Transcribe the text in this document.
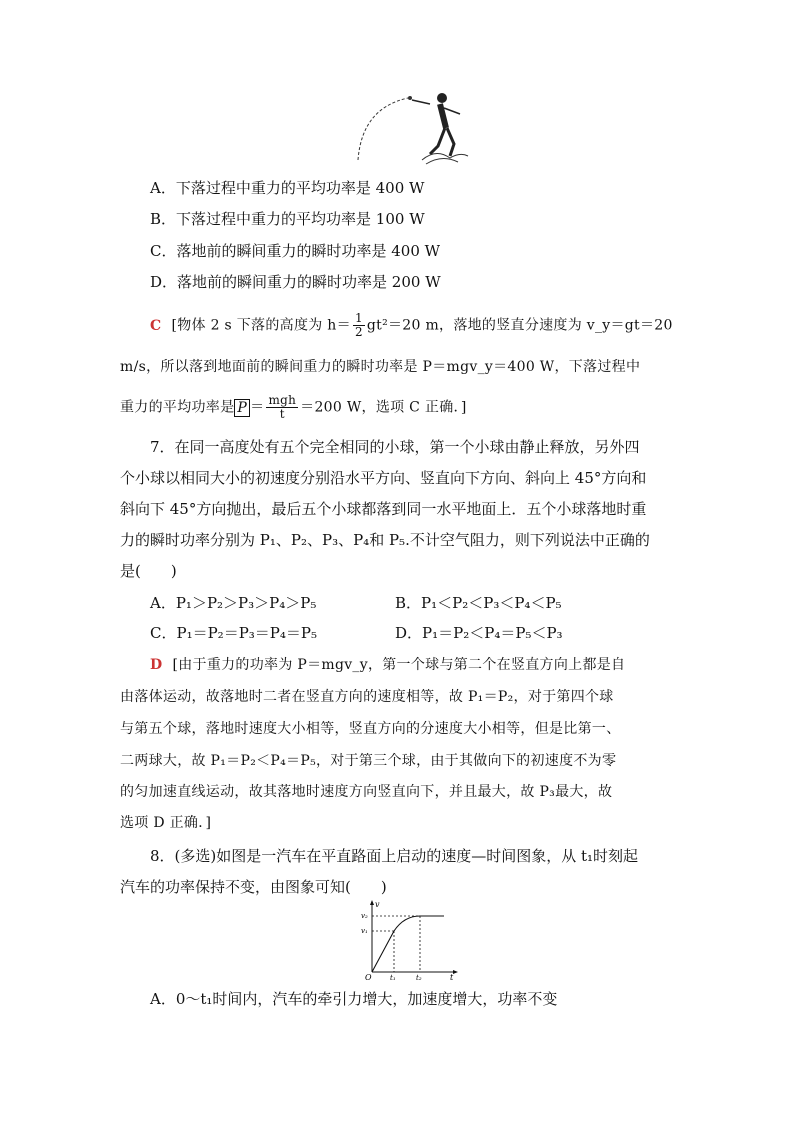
A．下落过程中重力的平均功率是 400 W
B．下落过程中重力的平均功率是 100 W
C．落地前的瞬间重力的瞬时功率是 400 W
D．落地前的瞬间重力的瞬时功率是 200 W
C [物体 2 s 下落的高度为 $h= \frac{1}{2} gt^2=20$ m，落地的竖直分速度为 v_y＝gt＝20
m/s，所以落到地面前的瞬间重力的瞬时功率是 P＝mgv_y＝400 W，下落过程中
重力的平均功率是 $P = \frac{\text{mgh}}{t} =200$ W，选项 C 正确．]
7．在同一高度处有五个完全相同的小球，第一个小球由静止释放，另外四
个小球以相同大小的初速度分别沿水平方向、竖直向下方向、斜向上 45°方向和
斜向下 45°方向抛出，最后五个小球都落到同一水平地面上．五个小球落地时重
力的瞬时功率分别为 P₁、P₂、P₃、P₄和 P₅.不计空气阻力，则下列说法中正确的
是(　　)
A．P₁＞P₂＞P₃＞P₄＞P₅	B．P₁＜P₂＜P₃＜P₄＜P₅
C．P₁＝P₂＝P₃＝P₄＝P₅	D．P₁＝P₂＜P₄＝P₅＜P₃
D [由于重力的功率为 P＝mgv_y，第一个球与第二个在竖直方向上都是自
由落体运动，故落地时二者在竖直方向的速度相等，故 P₁＝P₂，对于第四个球
与第五个球，落地时速度大小相等，竖直方向的分速度大小相等，但是比第一、
二两球大，故 P₁＝P₂＜P₄＝P₅，对于第三个球，由于其做向下的初速度不为零
的匀加速直线运动，故其落地时速度方向竖直向下，并且最大，故 P₃最大，故
选项 D 正确．]
8．(多选)如图是一汽车在平直路面上启动的速度—时间图象，从 t₁时刻起
汽车的功率保持不变，由图象可知(　　)
v
v₂
v₁
O	t₁	t₂	t
A．0～t₁时间内，汽车的牵引力增大，加速度增大，功率不变
